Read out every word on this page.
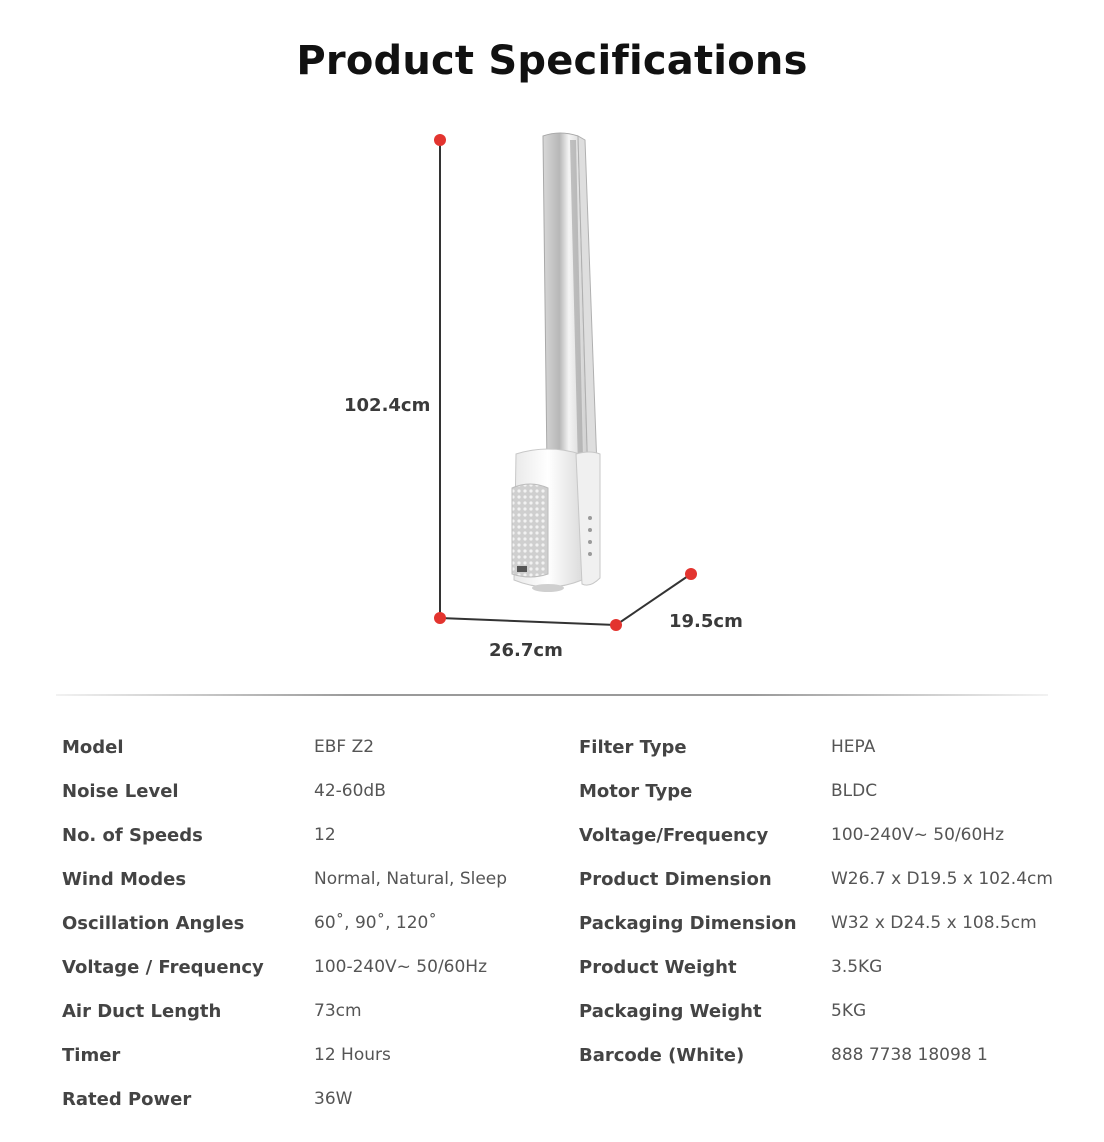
Product Specifications
102.4cm
26.7cm
19.5cm
Model	EBF Z2
Noise Level	42-60dB
No. of Speeds	12
Wind Modes	Normal, Natural, Sleep
Oscillation Angles	60˚, 90˚, 120˚
Voltage / Frequency	100-240V~ 50/60Hz
Air Duct Length	73cm
Timer	12 Hours
Rated Power	36W
Filter Type	HEPA
Motor Type	BLDC
Voltage/Frequency	100-240V~ 50/60Hz
Product Dimension	W26.7 x D19.5 x 102.4cm
Packaging Dimension	W32 x D24.5 x 108.5cm
Product Weight	3.5KG
Packaging Weight	5KG
Barcode (White)	888 7738 18098 1
